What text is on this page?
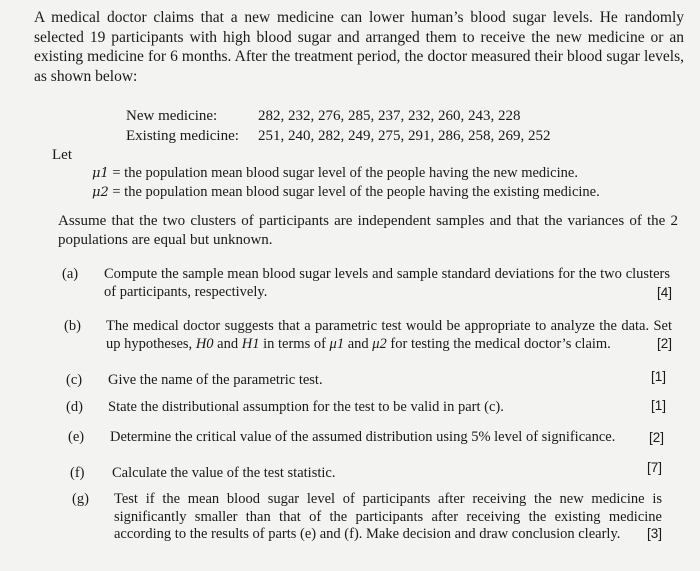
A medical doctor claims that a new medicine can lower human’s blood sugar levels. He randomly selected 19 participants with high blood sugar and arranged them to receive the new medicine or an existing medicine for 6 months. After the treatment period, the doctor measured their blood sugar levels, as shown below:
New medicine:	282, 232, 276, 285, 237, 232, 260, 243, 228
Existing medicine: 251, 240, 282, 249, 275, 291, 286, 258, 269, 252
Let
μ1 = the population mean blood sugar level of the people having the new medicine.
μ2 = the population mean blood sugar level of the people having the existing medicine.
Assume that the two clusters of participants are independent samples and that the variances of the 2 populations are equal but unknown.
(a) Compute the sample mean blood sugar levels and sample standard deviations for the two clusters of participants, respectively.	[4]
(b) The medical doctor suggests that a parametric test would be appropriate to analyze the data. Set up hypotheses, H0 and H1 in terms of μ1 and μ2 for testing the medical doctor’s claim.	[2]
(c) Give the name of the parametric test.	[1]
(d) State the distributional assumption for the test to be valid in part (c).	[1]
(e) Determine the critical value of the assumed distribution using 5% level of significance. [2]
(f) Calculate the value of the test statistic.	[7]
(g) Test if the mean blood sugar level of participants after receiving the new medicine is significantly smaller than that of the participants after receiving the existing medicine according to the results of parts (e) and (f). Make decision and draw conclusion clearly.	[3]
